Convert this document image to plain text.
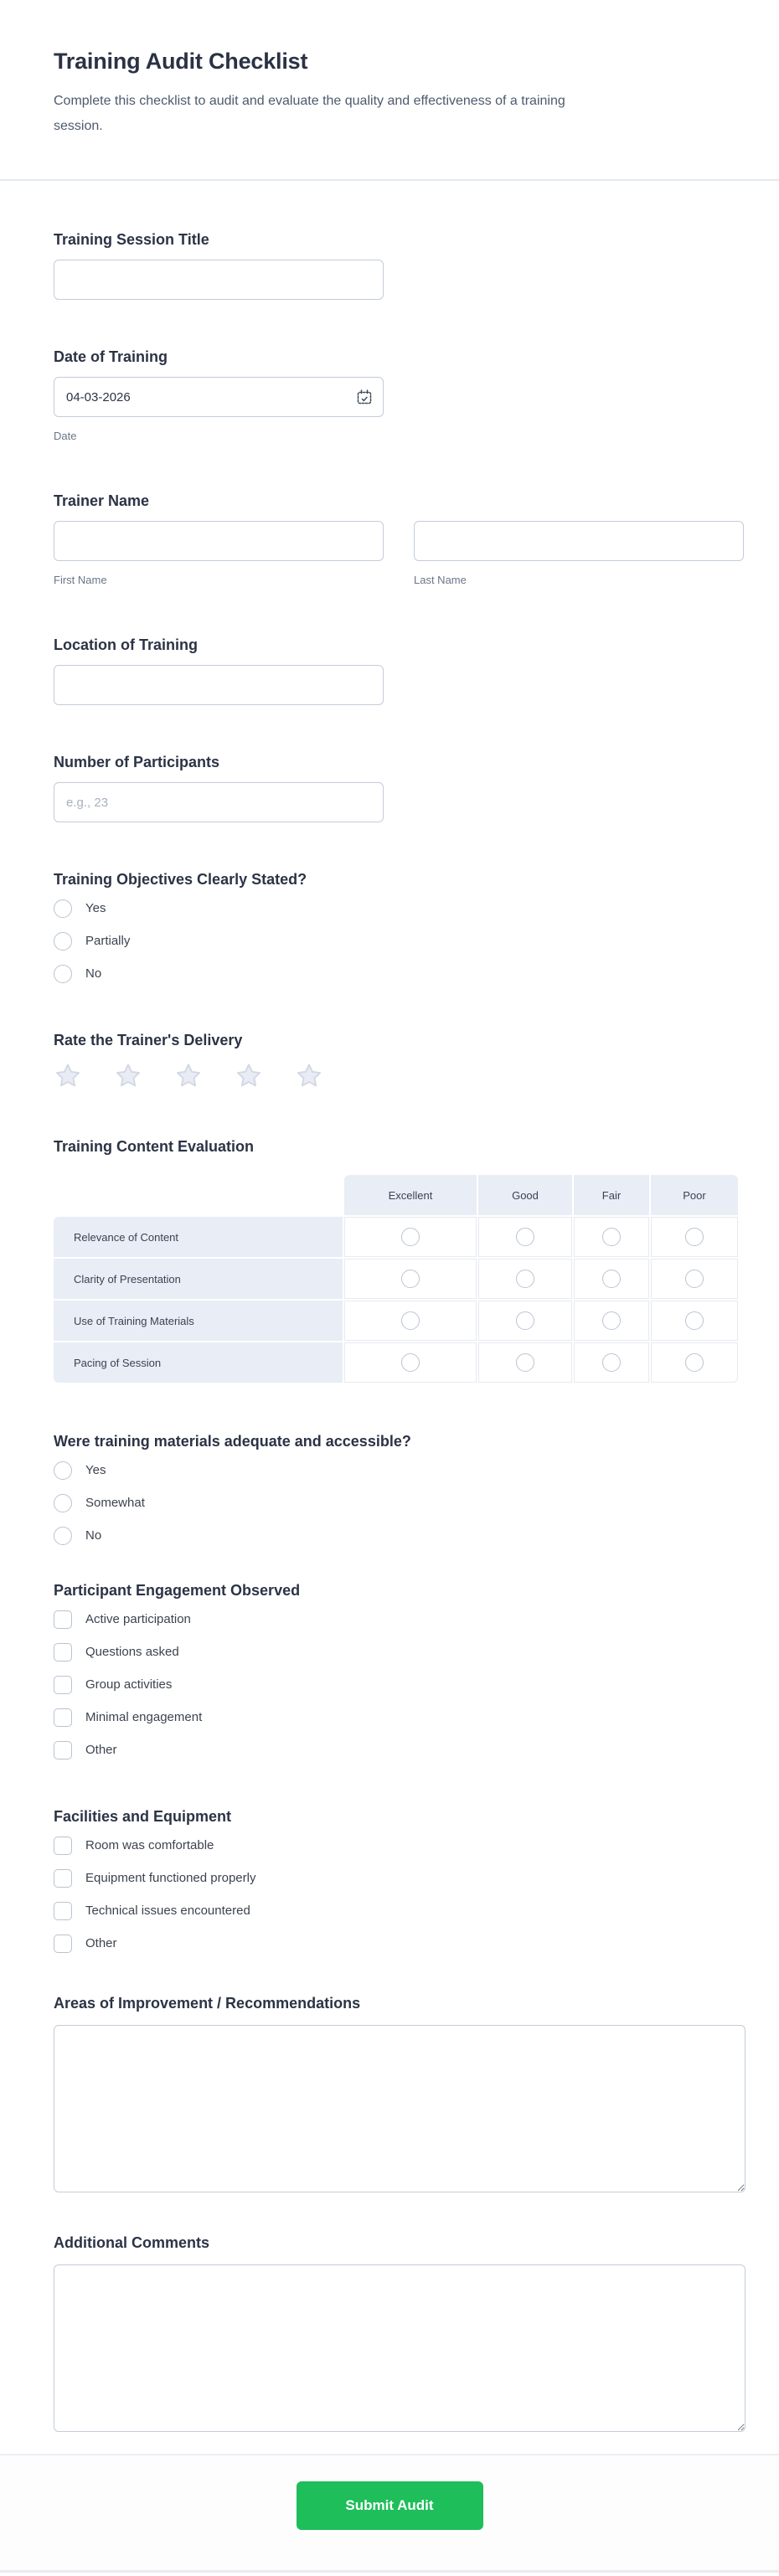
Training Audit Checklist

Complete this checklist to audit and evaluate the quality and effectiveness of a training session.

Training Session Title
Date of Training
04-03-2026
Date
Trainer Name
First Name	Last Name
Location of Training
Number of Participants
e.g., 23
Training Objectives Clearly Stated?
Yes
Partially
No
Rate the Trainer's Delivery
Training Content Evaluation
	Excellent	Good	Fair	Poor
Relevance of Content				
Clarity of Presentation				
Use of Training Materials				
Pacing of Session				
Were training materials adequate and accessible?
Yes
Somewhat
No
Participant Engagement Observed
Active participation
Questions asked
Group activities
Minimal engagement
Other
Facilities and Equipment
Room was comfortable
Equipment functioned properly
Technical issues encountered
Other
Areas of Improvement / Recommendations
Additional Comments
Submit Audit
